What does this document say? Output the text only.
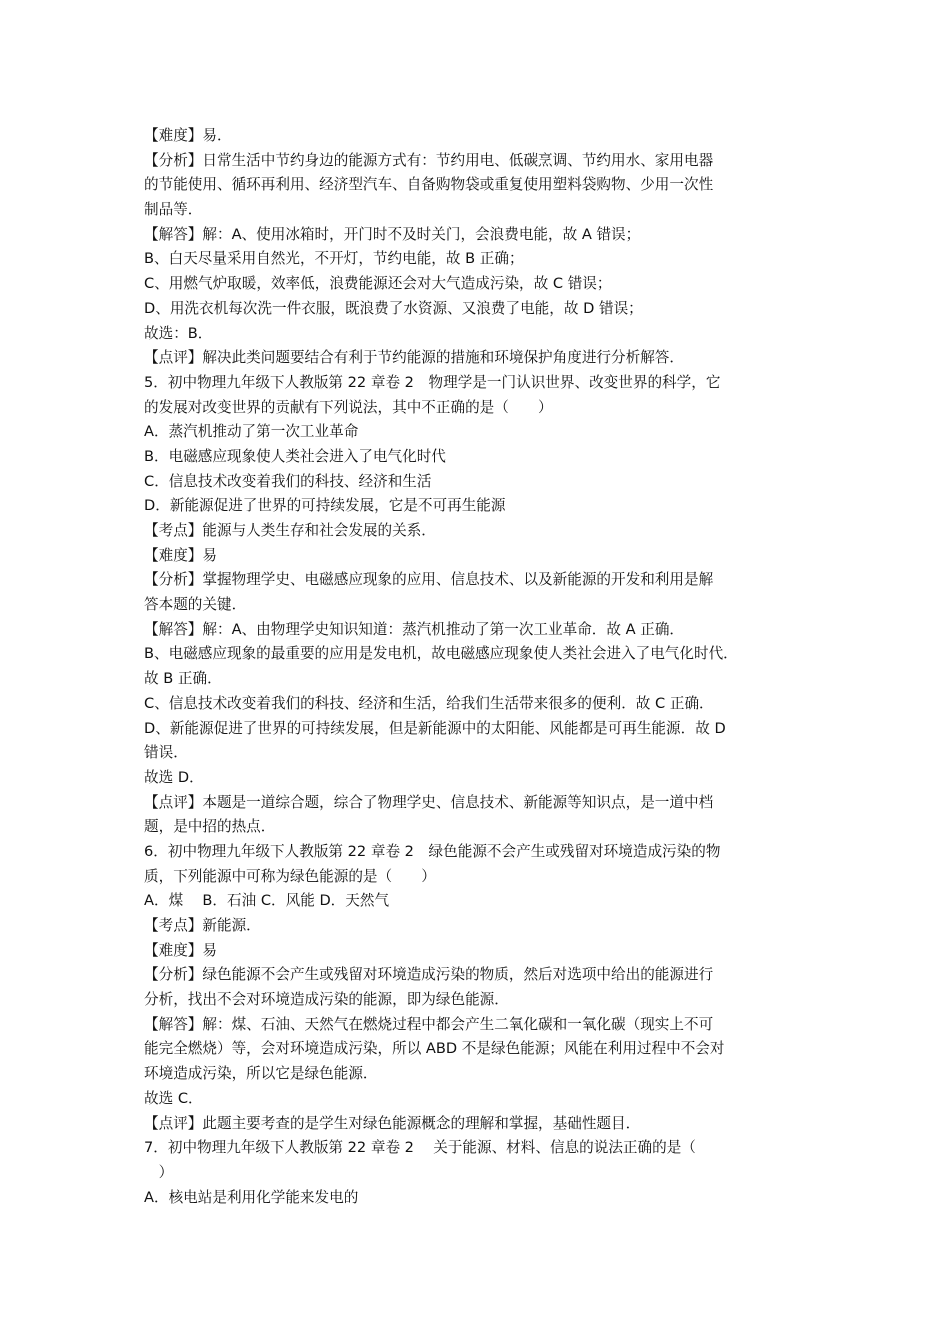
【难度】易．
【分析】日常生活中节约身边的能源方式有：节约用电、低碳烹调、节约用水、家用电器
的节能使用、循环再利用、经济型汽车、自备购物袋或重复使用塑料袋购物、少用一次性
制品等．
【解答】解：A、使用冰箱时，开门时不及时关门，会浪费电能，故 A 错误；
B、白天尽量采用自然光，不开灯，节约电能，故 B 正确；
C、用燃气炉取暖，效率低，浪费能源还会对大气造成污染，故 C 错误；
D、用洗衣机每次洗一件衣服，既浪费了水资源、又浪费了电能，故 D 错误；
故选：B．
【点评】解决此类问题要结合有利于节约能源的措施和环境保护角度进行分析解答．
5．初中物理九年级下人教版第 22 章卷 2　物理学是一门认识世界、改变世界的科学，它
的发展对改变世界的贡献有下列说法，其中不正确的是（　　）
A．蒸汽机推动了第一次工业革命
B．电磁感应现象使人类社会进入了电气化时代
C．信息技术改变着我们的科技、经济和生活
D．新能源促进了世界的可持续发展，它是不可再生能源
【考点】能源与人类生存和社会发展的关系．
【难度】易
【分析】掌握物理学史、电磁感应现象的应用、信息技术、以及新能源的开发和利用是解
答本题的关键．
【解答】解：A、由物理学史知识知道：蒸汽机推动了第一次工业革命．故 A 正确．
B、电磁感应现象的最重要的应用是发电机，故电磁感应现象使人类社会进入了电气化时代．
故 B 正确．
C、信息技术改变着我们的科技、经济和生活，给我们生活带来很多的便利．故 C 正确．
D、新能源促进了世界的可持续发展，但是新能源中的太阳能、风能都是可再生能源．故 D
错误．
故选 D．
【点评】本题是一道综合题，综合了物理学史、信息技术、新能源等知识点，是一道中档
题，是中招的热点．
6．初中物理九年级下人教版第 22 章卷 2　绿色能源不会产生或残留对环境造成污染的物
质，下列能源中可称为绿色能源的是（　　）
A．煤　 B．石油 C．风能 D．天然气
【考点】新能源．
【难度】易
【分析】绿色能源不会产生或残留对环境造成污染的物质，然后对选项中给出的能源进行
分析，找出不会对环境造成污染的能源，即为绿色能源．
【解答】解：煤、石油、天然气在燃烧过程中都会产生二氧化碳和一氧化碳（现实上不可
能完全燃烧）等，会对环境造成污染，所以 ABD 不是绿色能源；风能在利用过程中不会对
环境造成污染，所以它是绿色能源．
故选 C．
【点评】此题主要考查的是学生对绿色能源概念的理解和掌握，基础性题目．
7．初中物理九年级下人教版第 22 章卷 2　 关于能源、材料、信息的说法正确的是（
　）
A．核电站是利用化学能来发电的
